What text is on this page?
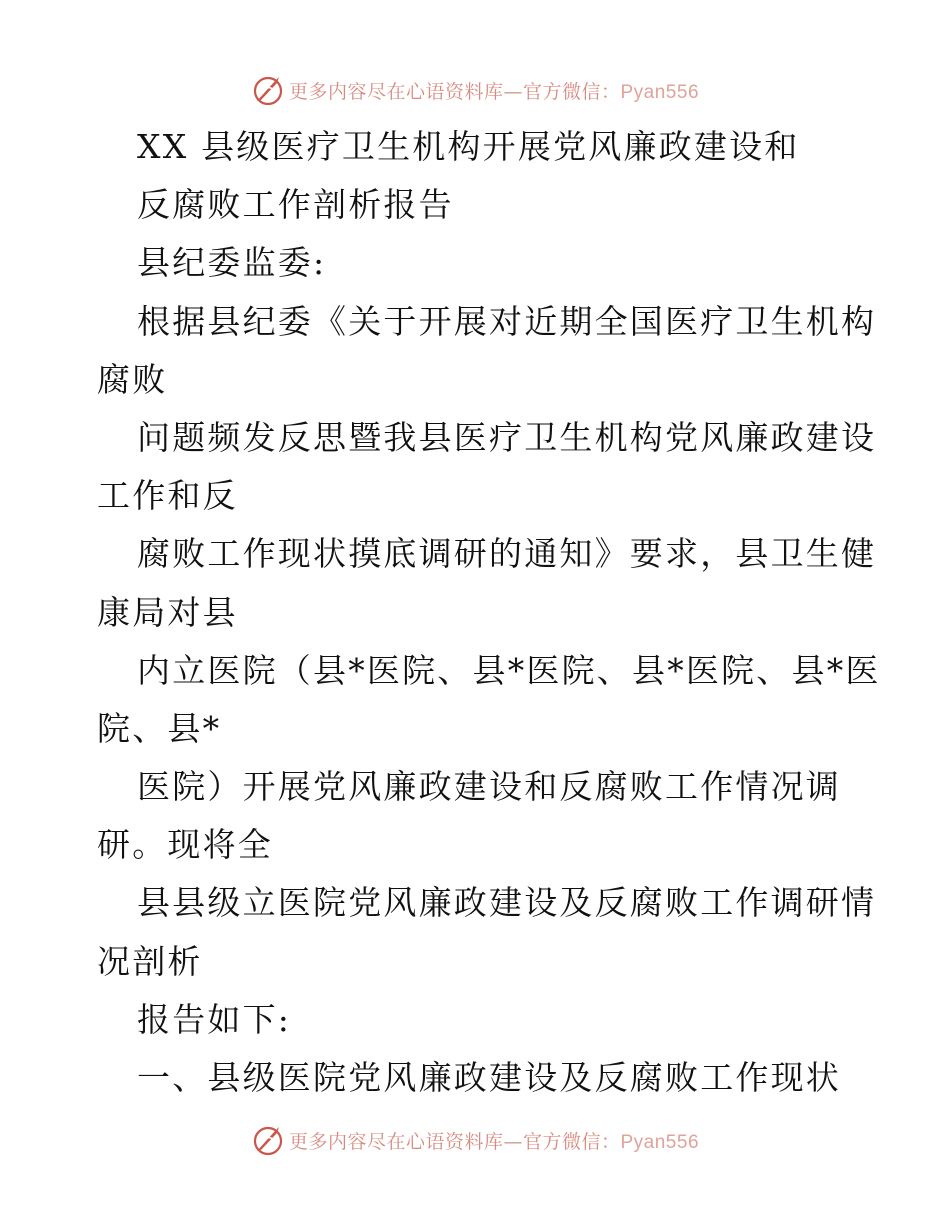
更多内容尽在心语资料库—官方微信：Pyan556
XX 县级医疗卫生机构开展党风廉政建设和
反腐败工作剖析报告
县纪委监委:
根据县纪委《关于开展对近期全国医疗卫生机构
腐败
问题频发反思暨我县医疗卫生机构党风廉政建设
工作和反
腐败工作现状摸底调研的通知》要求，县卫生健
康局对县
内立医院（县*医院、县*医院、县*医院、县*医
院、县*
医院）开展党风廉政建设和反腐败工作情况调
研。现将全
县县级立医院党风廉政建设及反腐败工作调研情
况剖析
报告如下:
一、县级医院党风廉政建设及反腐败工作现状
更多内容尽在心语资料库—官方微信：Pyan556
